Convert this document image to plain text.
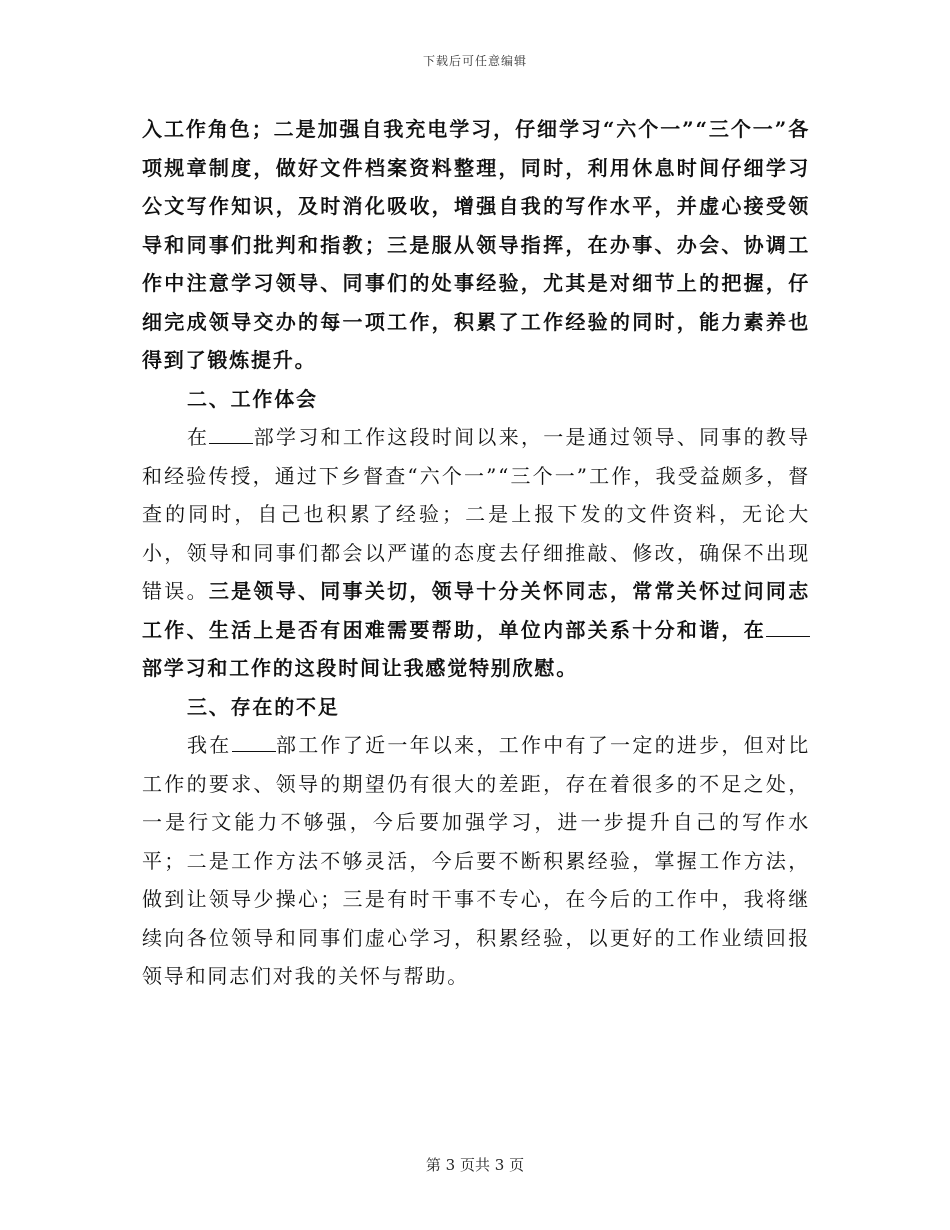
下载后可任意编辑

入工作角色；二是加强自我充电学习，仔细学习“六个一”“三个一”各项规章制度，做好文件档案资料整理，同时，利用休息时间仔细学习公文写作知识，及时消化吸收，增强自我的写作水平，并虚心接受领导和同事们批判和指教；三是服从领导指挥，在办事、办会、协调工作中注意学习领导、同事们的处事经验，尤其是对细节上的把握，仔细完成领导交办的每一项工作，积累了工作经验的同时，能力素养也得到了锻炼提升。

二、工作体会

在 部学习和工作这段时间以来，一是通过领导、同事的教导和经验传授，通过下乡督查“六个一”“三个一”工作，我受益颇多，督查的同时，自己也积累了经验；二是上报下发的文件资料，无论大小，领导和同事们都会以严谨的态度去仔细推敲、修改，确保不出现错误。三是领导、同事关切，领导十分关怀同志，常常关怀过问同志工作、生活上是否有困难需要帮助，单位内部关系十分和谐，在部学习和工作的这段时间让我感觉特别欣慰。

三、存在的不足

我在 部工作了近一年以来，工作中有了一定的进步，但对比工作的要求、领导的期望仍有很大的差距，存在着很多的不足之处，一是行文能力不够强，今后要加强学习，进一步提升自己的写作水平；二是工作方法不够灵活，今后要不断积累经验，掌握工作方法，做到让领导少操心；三是有时干事不专心，在今后的工作中，我将继续向各位领导和同事们虚心学习，积累经验，以更好的工作业绩回报领导和同志们对我的关怀与帮助。

第 3 页共 3 页
